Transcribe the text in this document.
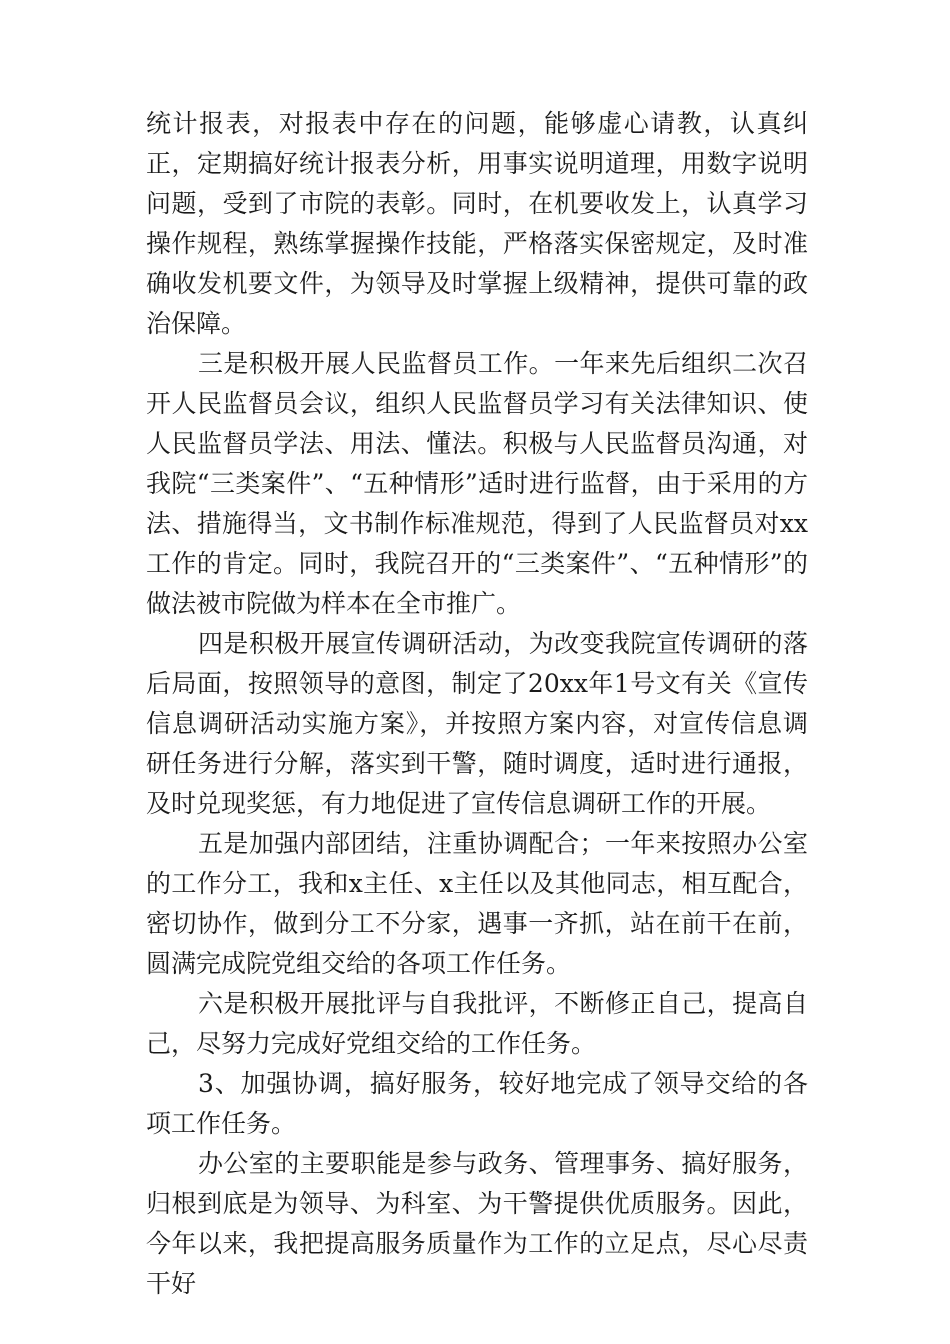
统计报表，对报表中存在的问题，能够虚心请教，认真纠正，定期搞好统计报表分析，用事实说明道理，用数字说明问题，受到了市院的表彰。同时，在机要收发上，认真学习操作规程，熟练掌握操作技能，严格落实保密规定，及时准确收发机要文件，为领导及时掌握上级精神，提供可靠的政治保障。

三是积极开展人民监督员工作。一年来先后组织二次召开人民监督员会议，组织人民监督员学习有关法律知识、使人民监督员学法、用法、懂法。积极与人民监督员沟通，对我院“三类案件”、“五种情形”适时进行监督，由于采用的方法、措施得当，文书制作标准规范，得到了人民监督员对xx工作的肯定。同时，我院召开的“三类案件”、“五种情形”的做法被市院做为样本在全市推广。

四是积极开展宣传调研活动，为改变我院宣传调研的落后局面，按照领导的意图，制定了20xx年1号文有关《宣传信息调研活动实施方案》，并按照方案内容，对宣传信息调研任务进行分解，落实到干警，随时调度，适时进行通报，及时兑现奖惩，有力地促进了宣传信息调研工作的开展。

五是加强内部团结，注重协调配合；一年来按照办公室的工作分工，我和x主任、x主任以及其他同志，相互配合，密切协作，做到分工不分家，遇事一齐抓，站在前干在前，圆满完成院党组交给的各项工作任务。

六是积极开展批评与自我批评，不断修正自己，提高自己，尽努力完成好党组交给的工作任务。

3、加强协调，搞好服务，较好地完成了领导交给的各项工作任务。

办公室的主要职能是参与政务、管理事务、搞好服务，归根到底是为领导、为科室、为干警提供优质服务。因此，今年以来，我把提高服务质量作为工作的立足点，尽心尽责干好
